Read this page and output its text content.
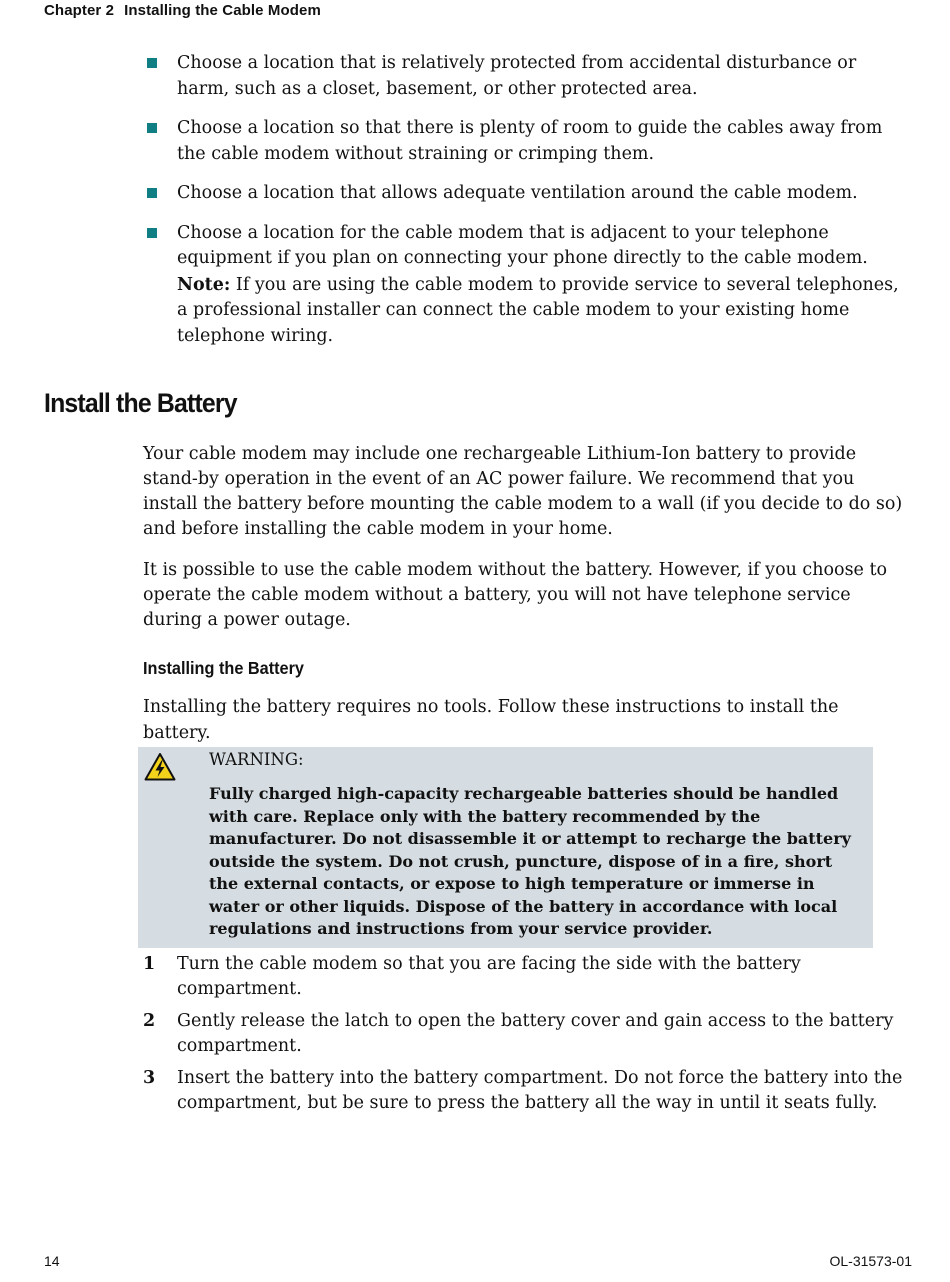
Chapter 2 Installing the Cable Modem
Choose a location that is relatively protected from accidental disturbance or harm, such as a closet, basement, or other protected area.
Choose a location so that there is plenty of room to guide the cables away from the cable modem without straining or crimping them.
Choose a location that allows adequate ventilation around the cable modem.
Choose a location for the cable modem that is adjacent to your telephone equipment if you plan on connecting your phone directly to the cable modem.
Note: If you are using the cable modem to provide service to several telephones, a professional installer can connect the cable modem to your existing home telephone wiring.
Install the Battery

Your cable modem may include one rechargeable Lithium-Ion battery to provide stand-by operation in the event of an AC power failure. We recommend that you install the battery before mounting the cable modem to a wall (if you decide to do so) and before installing the cable modem in your home.

It is possible to use the cable modem without the battery. However, if you choose to operate the cable modem without a battery, you will not have telephone service during a power outage.

Installing the Battery

Installing the battery requires no tools. Follow these instructions to install the battery.

WARNING:

Fully charged high-capacity rechargeable batteries should be handled with care. Replace only with the battery recommended by the manufacturer. Do not disassemble it or attempt to recharge the battery outside the system. Do not crush, puncture, dispose of in a fire, short the external contacts, or expose to high temperature or immerse in water or other liquids. Dispose of the battery in accordance with local regulations and instructions from your service provider.

1 Turn the cable modem so that you are facing the side with the battery compartment.
2 Gently release the latch to open the battery cover and gain access to the battery compartment.
3 Insert the battery into the battery compartment. Do not force the battery into the compartment, but be sure to press the battery all the way in until it seats fully.
14	OL-31573-01
